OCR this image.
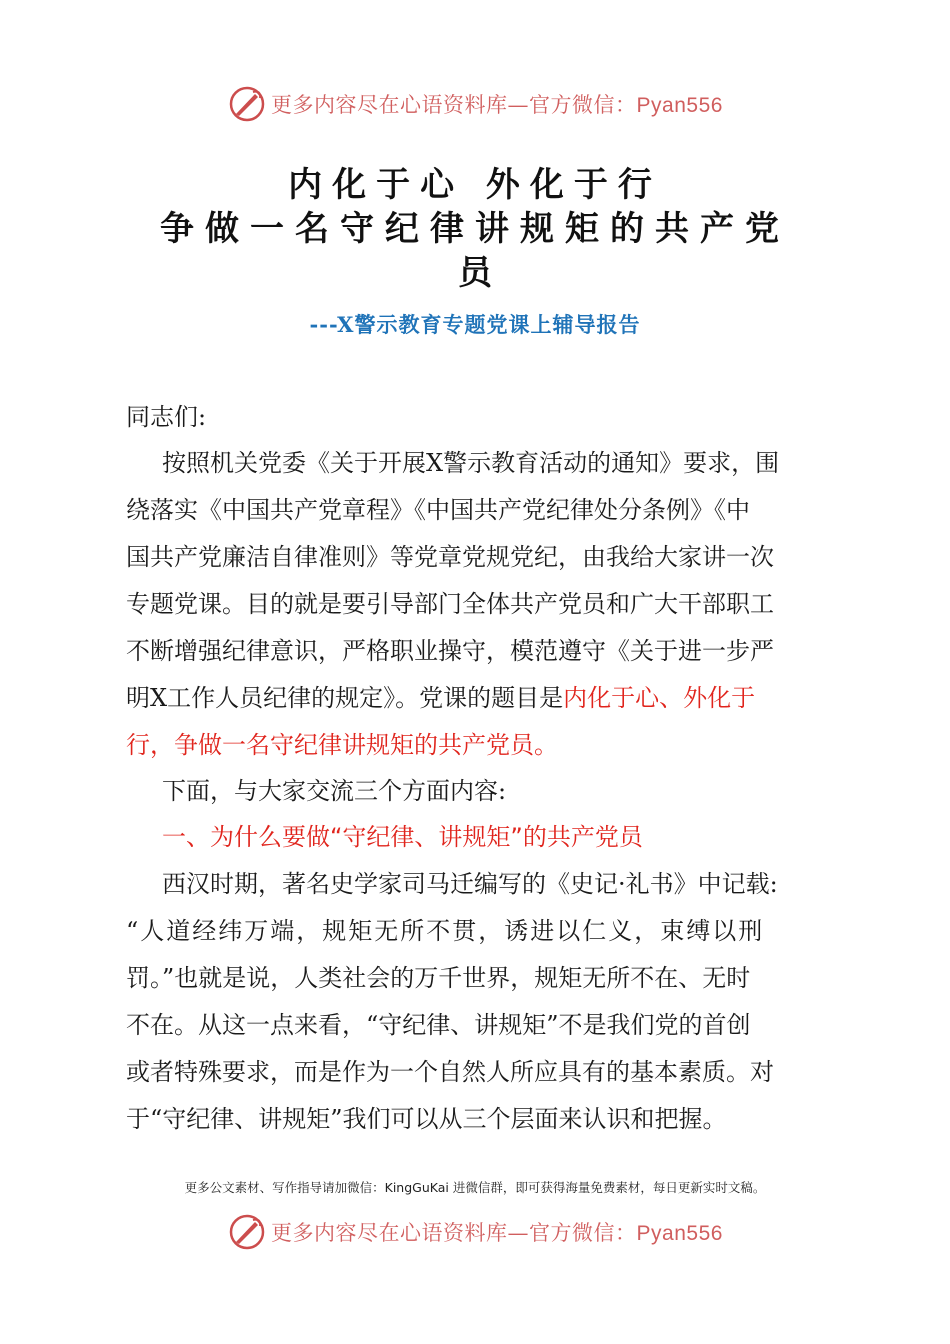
更多内容尽在心语资料库—官方微信：Pyan556
内化于心 外化于行
争做一名守纪律讲规矩的共产党
员
---X警示教育专题党课上辅导报告
同志们:
按照机关党委《关于开展X警示教育活动的通知》要求，围
绕落实《中国共产党章程》《中国共产党纪律处分条例》《中
国共产党廉洁自律准则》等党章党规党纪，由我给大家讲一次
专题党课。目的就是要引导部门全体共产党员和广大干部职工
不断增强纪律意识，严格职业操守，模范遵守《关于进一步严
明X工作人员纪律的规定》。党课的题目是内化于心、外化于
行，争做一名守纪律讲规矩的共产党员。
下面，与大家交流三个方面内容:
一、为什么要做“守纪律、讲规矩”的共产党员
西汉时期，著名史学家司马迁编写的《史记·礼书》中记载:
“人道经纬万端，规矩无所不贯，诱进以仁义，束缚以刑
罚。”也就是说，人类社会的万千世界，规矩无所不在、无时
不在。从这一点来看，“守纪律、讲规矩”不是我们党的首创
或者特殊要求，而是作为一个自然人所应具有的基本素质。对
于“守纪律、讲规矩”我们可以从三个层面来认识和把握。
更多公文素材、写作指导请加微信：KingGuKai 进微信群，即可获得海量免费素材，每日更新实时文稿。
更多内容尽在心语资料库—官方微信：Pyan556
